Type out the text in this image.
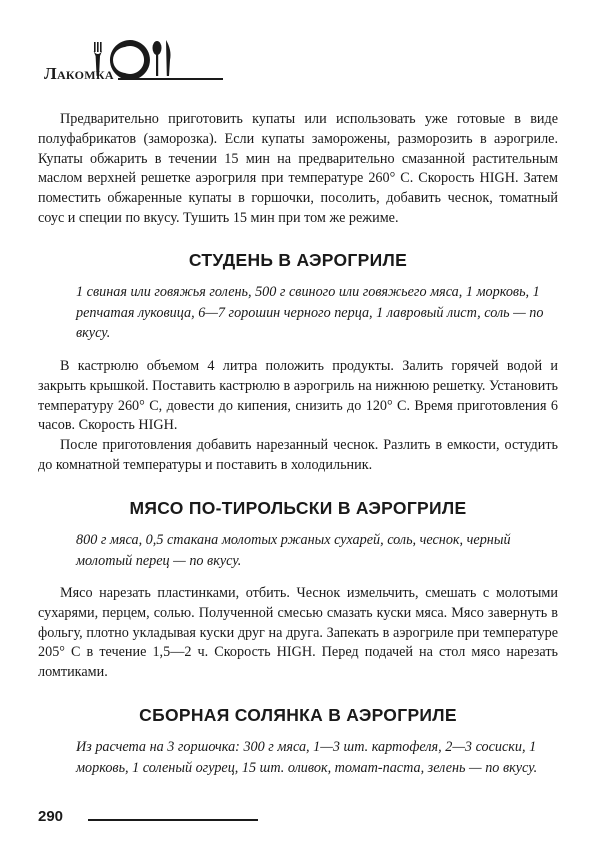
Лакомка

Предварительно приготовить купаты или использовать уже готовые в виде полуфабрикатов (заморозка). Если купаты заморожены, разморозить в аэрогриле. Купаты обжарить в течении 15 мин на предварительно смазанной растительным маслом верхней решетке аэрогриля при температуре 260° С. Скорость HIGH. Затем поместить обжаренные купаты в горшочки, посолить, добавить чеснок, томатный соус и специи по вкусу. Тушить 15 мин при том же режиме.

СТУДЕНЬ В АЭРОГРИЛЕ

1 свиная или говяжья голень, 500 г свиного или говяжьего мяса, 1 морковь, 1 репчатая луковица, 6—7 горошин черного перца, 1 лавровый лист, соль — по вкусу.

В кастрюлю объемом 4 литра положить продукты. Залить горячей водой и закрыть крышкой. Поставить кастрюлю в аэрогриль на нижнюю решетку. Установить температуру 260° С, довести до кипения, снизить до 120° С. Время приготовления 6 часов. Скорость HIGH.

После приготовления добавить нарезанный чеснок. Разлить в емкости, остудить до комнатной температуры и поставить в холодильник.

МЯСО ПО-ТИРОЛЬСКИ В АЭРОГРИЛЕ

800 г мяса, 0,5 стакана молотых ржаных сухарей, соль, чеснок, черный молотый перец — по вкусу.

Мясо нарезать пластинками, отбить. Чеснок измельчить, смешать с молотыми сухарями, перцем, солью. Полученной смесью смазать куски мяса. Мясо завернуть в фольгу, плотно укладывая куски друг на друга. Запекать в аэрогриле при температуре 205° С в течение 1,5—2 ч. Скорость HIGH. Перед подачей на стол мясо нарезать ломтиками.

СБОРНАЯ СОЛЯНКА В АЭРОГРИЛЕ

Из расчета на 3 горшочка: 300 г мяса, 1—3 шт. картофеля, 2—3 сосиски, 1 морковь, 1 соленый огурец, 15 шт. оливок, томат-паста, зелень — по вкусу.

290
